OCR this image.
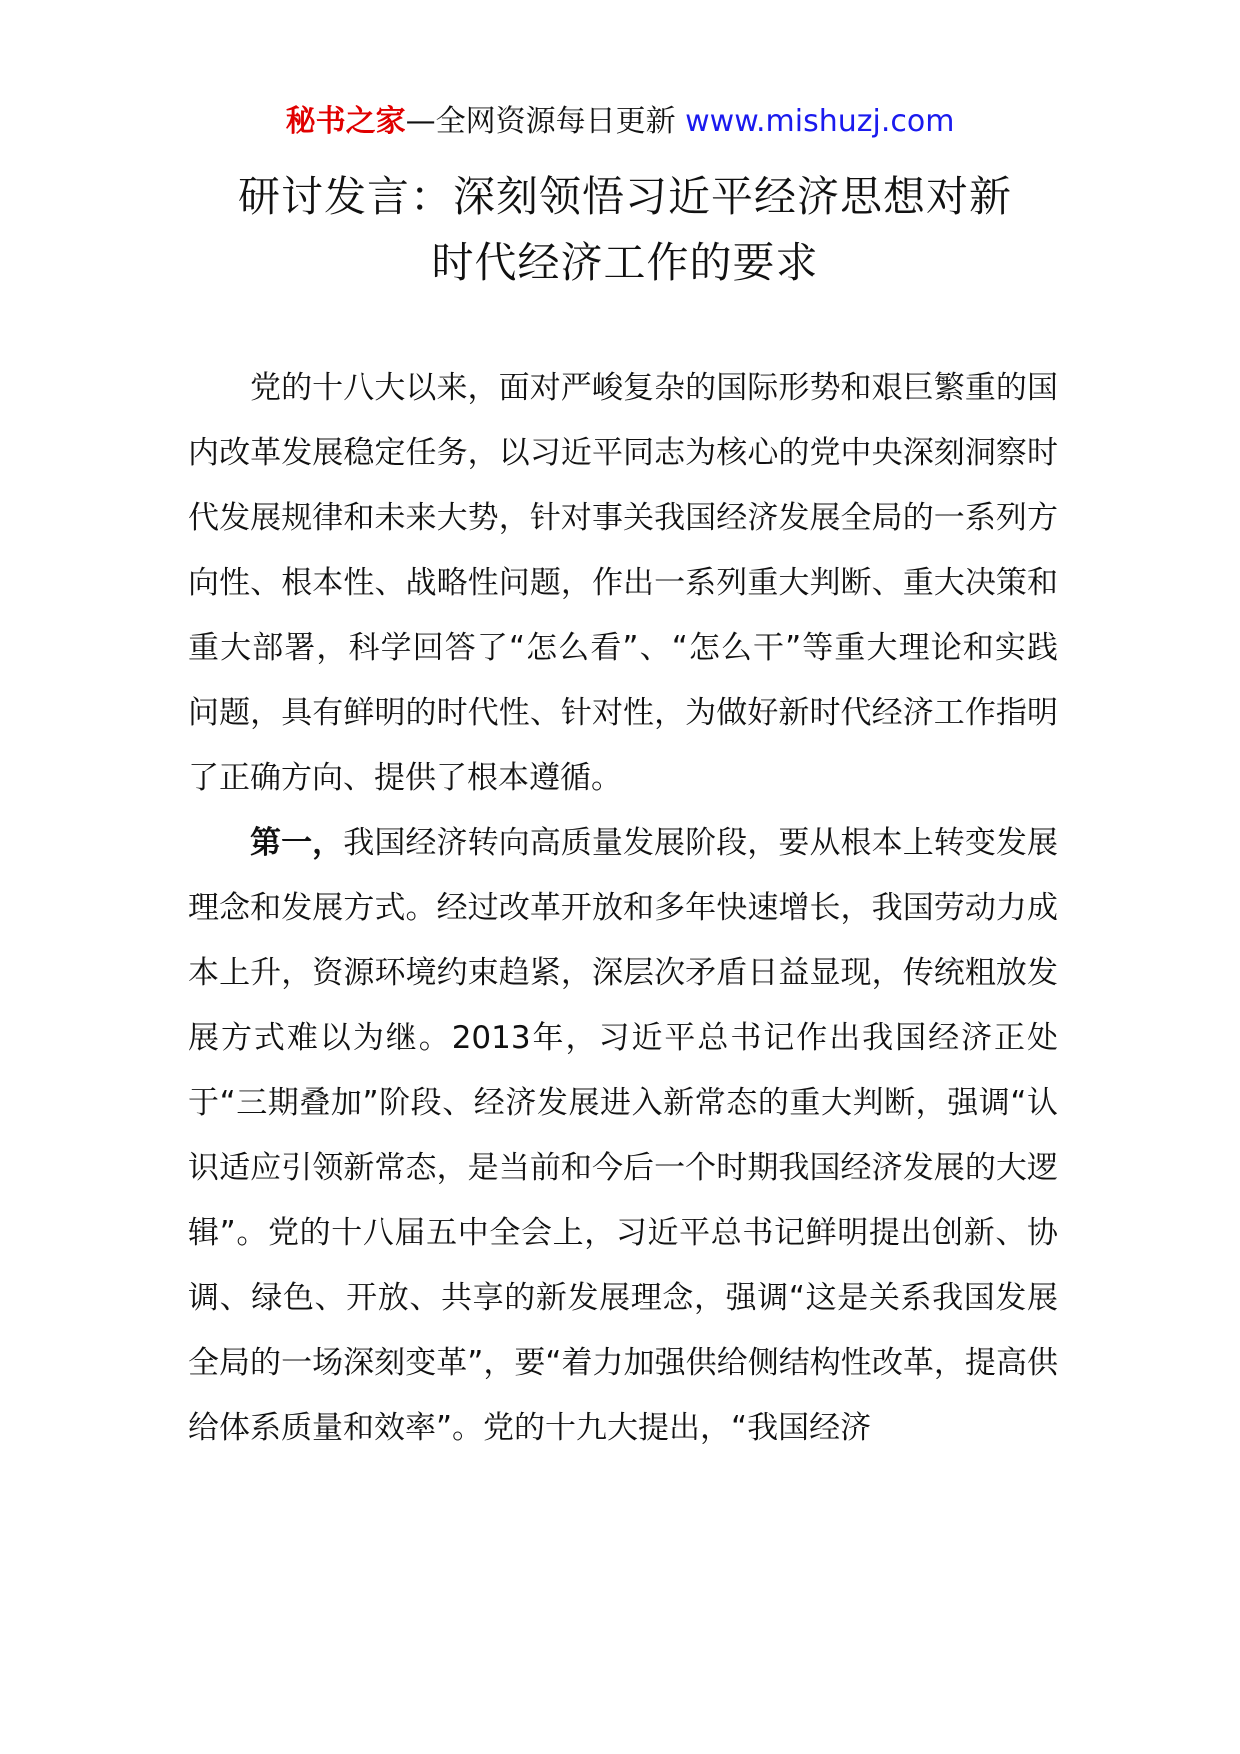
秘书之家—全网资源每日更新 www.mishuzj.com
研讨发言：深刻领悟习近平经济思想对新
时代经济工作的要求

党的十八大以来，面对严峻复杂的国际形势和艰巨繁重的国内改革发展稳定任务，以习近平同志为核心的党中央深刻洞察时代发展规律和未来大势，针对事关我国经济发展全局的一系列方向性、根本性、战略性问题，作出一系列重大判断、重大决策和重大部署，科学回答了“怎么看”、“怎么干”等重大理论和实践问题，具有鲜明的时代性、针对性，为做好新时代经济工作指明了正确方向、提供了根本遵循。

第一，我国经济转向高质量发展阶段，要从根本上转变发展理念和发展方式。经过改革开放和多年快速增长，我国劳动力成本上升，资源环境约束趋紧，深层次矛盾日益显现，传统粗放发展方式难以为继。2013年，习近平总书记作出我国经济正处于“三期叠加”阶段、经济发展进入新常态的重大判断，强调“认识适应引领新常态，是当前和今后一个时期我国经济发展的大逻辑”。党的十八届五中全会上，习近平总书记鲜明提出创新、协调、绿色、开放、共享的新发展理念，强调“这是关系我国发展全局的一场深刻变革”，要“着力加强供给侧结构性改革，提高供给体系质量和效率”。党的十九大提出，“我国经济
